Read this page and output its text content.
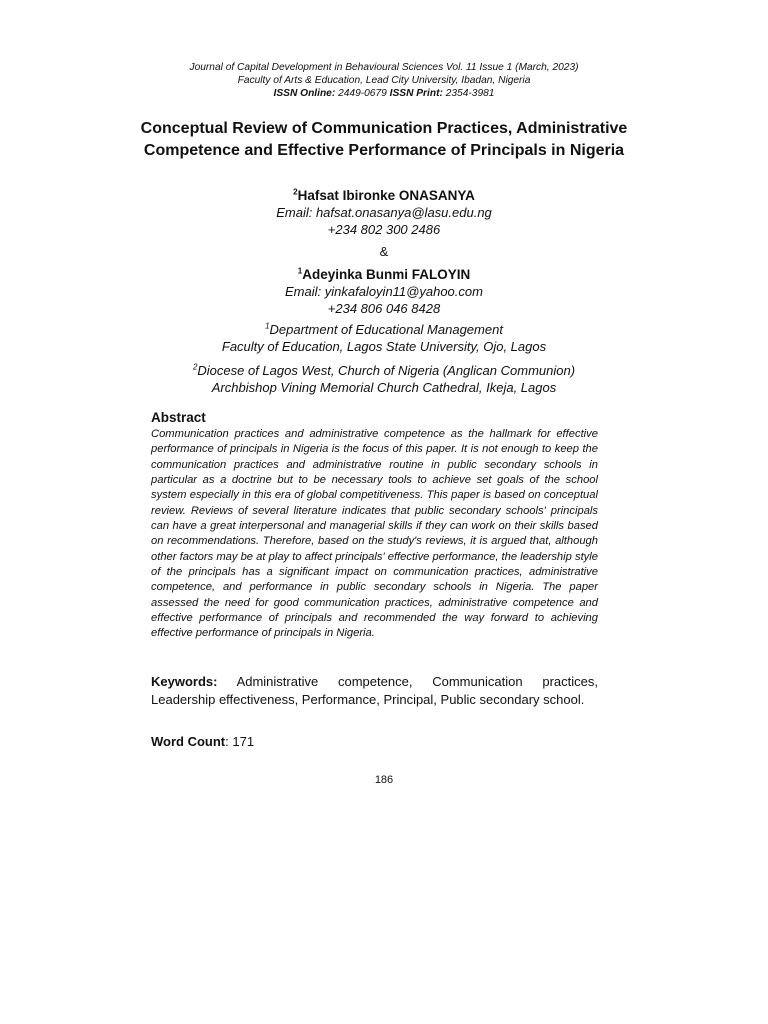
Journal of Capital Development in Behavioural Sciences Vol. 11 Issue 1 (March, 2023)
Faculty of Arts & Education, Lead City University, Ibadan, Nigeria
ISSN Online: 2449-0679 ISSN Print: 2354-3981
Conceptual Review of Communication Practices, Administrative Competence and Effective Performance of Principals in Nigeria
$^2$Hafsat Ibironke ONASANYA
Email: hafsat.onasanya@lasu.edu.ng
+234 802 300 2486
&
$^1$Adeyinka Bunmi FALOYIN
Email: yinkafaloyin11@yahoo.com
+234 806 046 8428
$^1$Department of Educational Management
Faculty of Education, Lagos State University, Ojo, Lagos
$^2$Diocese of Lagos West, Church of Nigeria (Anglican Communion)
Archbishop Vining Memorial Church Cathedral, Ikeja, Lagos
Abstract

Communication practices and administrative competence as the hallmark for effective performance of principals in Nigeria is the focus of this paper. It is not enough to keep the communication practices and administrative routine in public secondary schools in particular as a doctrine but to be necessary tools to achieve set goals of the school system especially in this era of global competitiveness. This paper is based on conceptual review. Reviews of several literature indicates that public secondary schools' principals can have a great interpersonal and managerial skills if they can work on their skills based on recommendations. Therefore, based on the study's reviews, it is argued that, although other factors may be at play to affect principals' effective performance, the leadership style of the principals has a significant impact on communication practices, administrative competence, and performance in public secondary schools in Nigeria. The paper assessed the need for good communication practices, administrative competence and effective performance of principals and recommended the way forward to achieving effective performance of principals in Nigeria.

Keywords: Administrative competence, Communication practices, Leadership effectiveness, Performance, Principal, Public secondary school.

Word Count: 171
186
